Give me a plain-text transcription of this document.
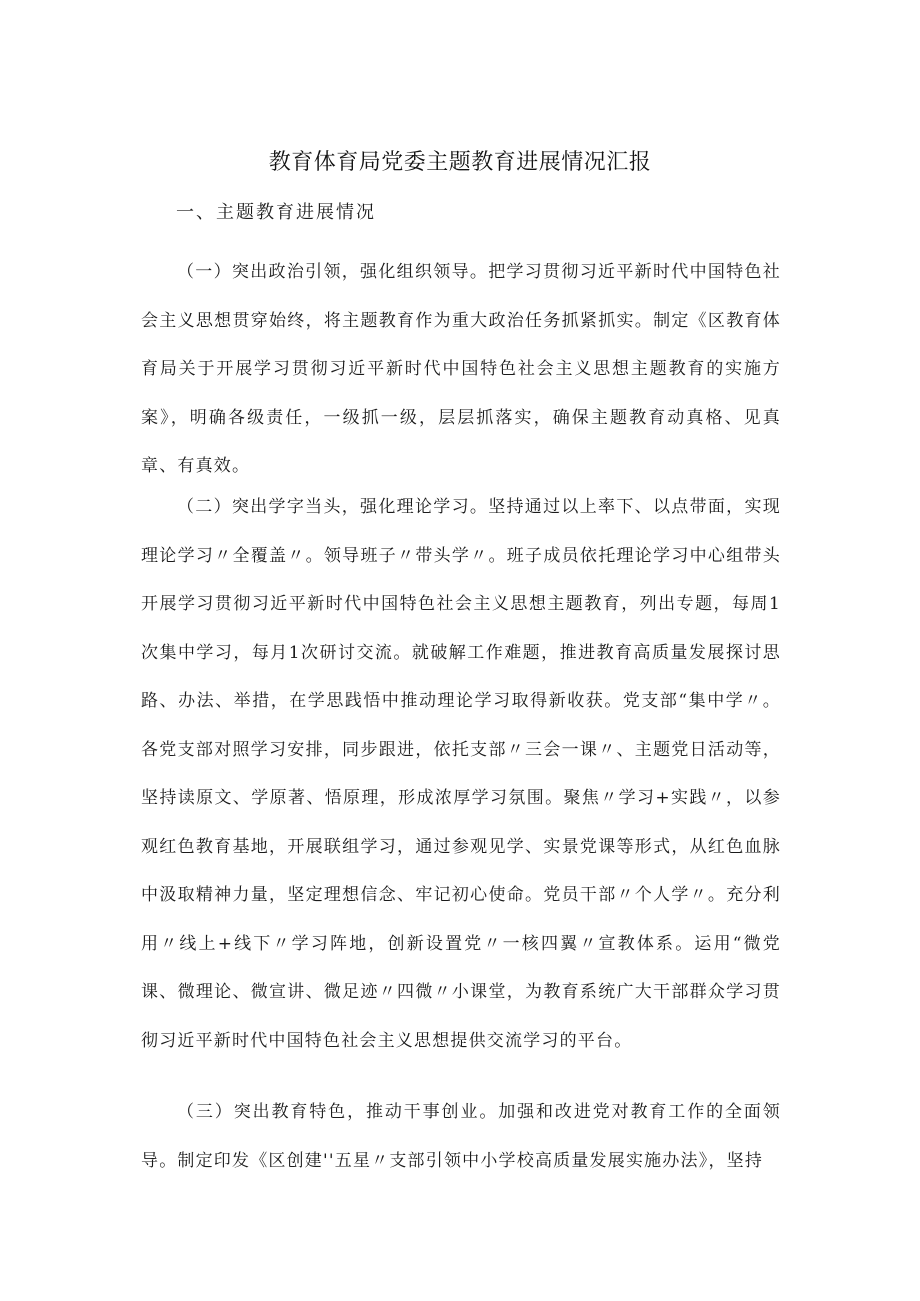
教育体育局党委主题教育进展情况汇报
一、主题教育进展情况

（一）突出政治引领，强化组织领导。把学习贯彻习近平新时代中国特色社会主义思想贯穿始终，将主题教育作为重大政治任务抓紧抓实。制定《区教育体育局关于开展学习贯彻习近平新时代中国特色社会主义思想主题教育的实施方案》，明确各级责任，一级抓一级，层层抓落实，确保主题教育动真格、见真章、有真效。

（二）突出学字当头，强化理论学习。坚持通过以上率下、以点带面，实现理论学习〃全覆盖〃。领导班子〃带头学〃。班子成员依托理论学习中心组带头开展学习贯彻习近平新时代中国特色社会主义思想主题教育，列出专题，每周1次集中学习，每月1次研讨交流。就破解工作难题，推进教育高质量发展探讨思路、办法、举措，在学思践悟中推动理论学习取得新收获。党支部“集中学〃。各党支部对照学习安排，同步跟进，依托支部〃三会一课〃、主题党日活动等，坚持读原文、学原著、悟原理，形成浓厚学习氛围。聚焦〃学习+实践〃，以参观红色教育基地，开展联组学习，通过参观见学、实景党课等形式，从红色血脉中汲取精神力量，坚定理想信念、牢记初心使命。党员干部〃个人学〃。充分利用〃线上+线下〃学习阵地，创新设置党〃一核四翼〃宣教体系。运用“微党课、微理论、微宣讲、微足迹〃四微〃小课堂，为教育系统广大干部群众学习贯彻习近平新时代中国特色社会主义思想提供交流学习的平台。

（三）突出教育特色，推动干事创业。加强和改进党对教育工作的全面领导。制定印发《区创建''五星〃支部引领中小学校高质量发展实施办法》，坚持
